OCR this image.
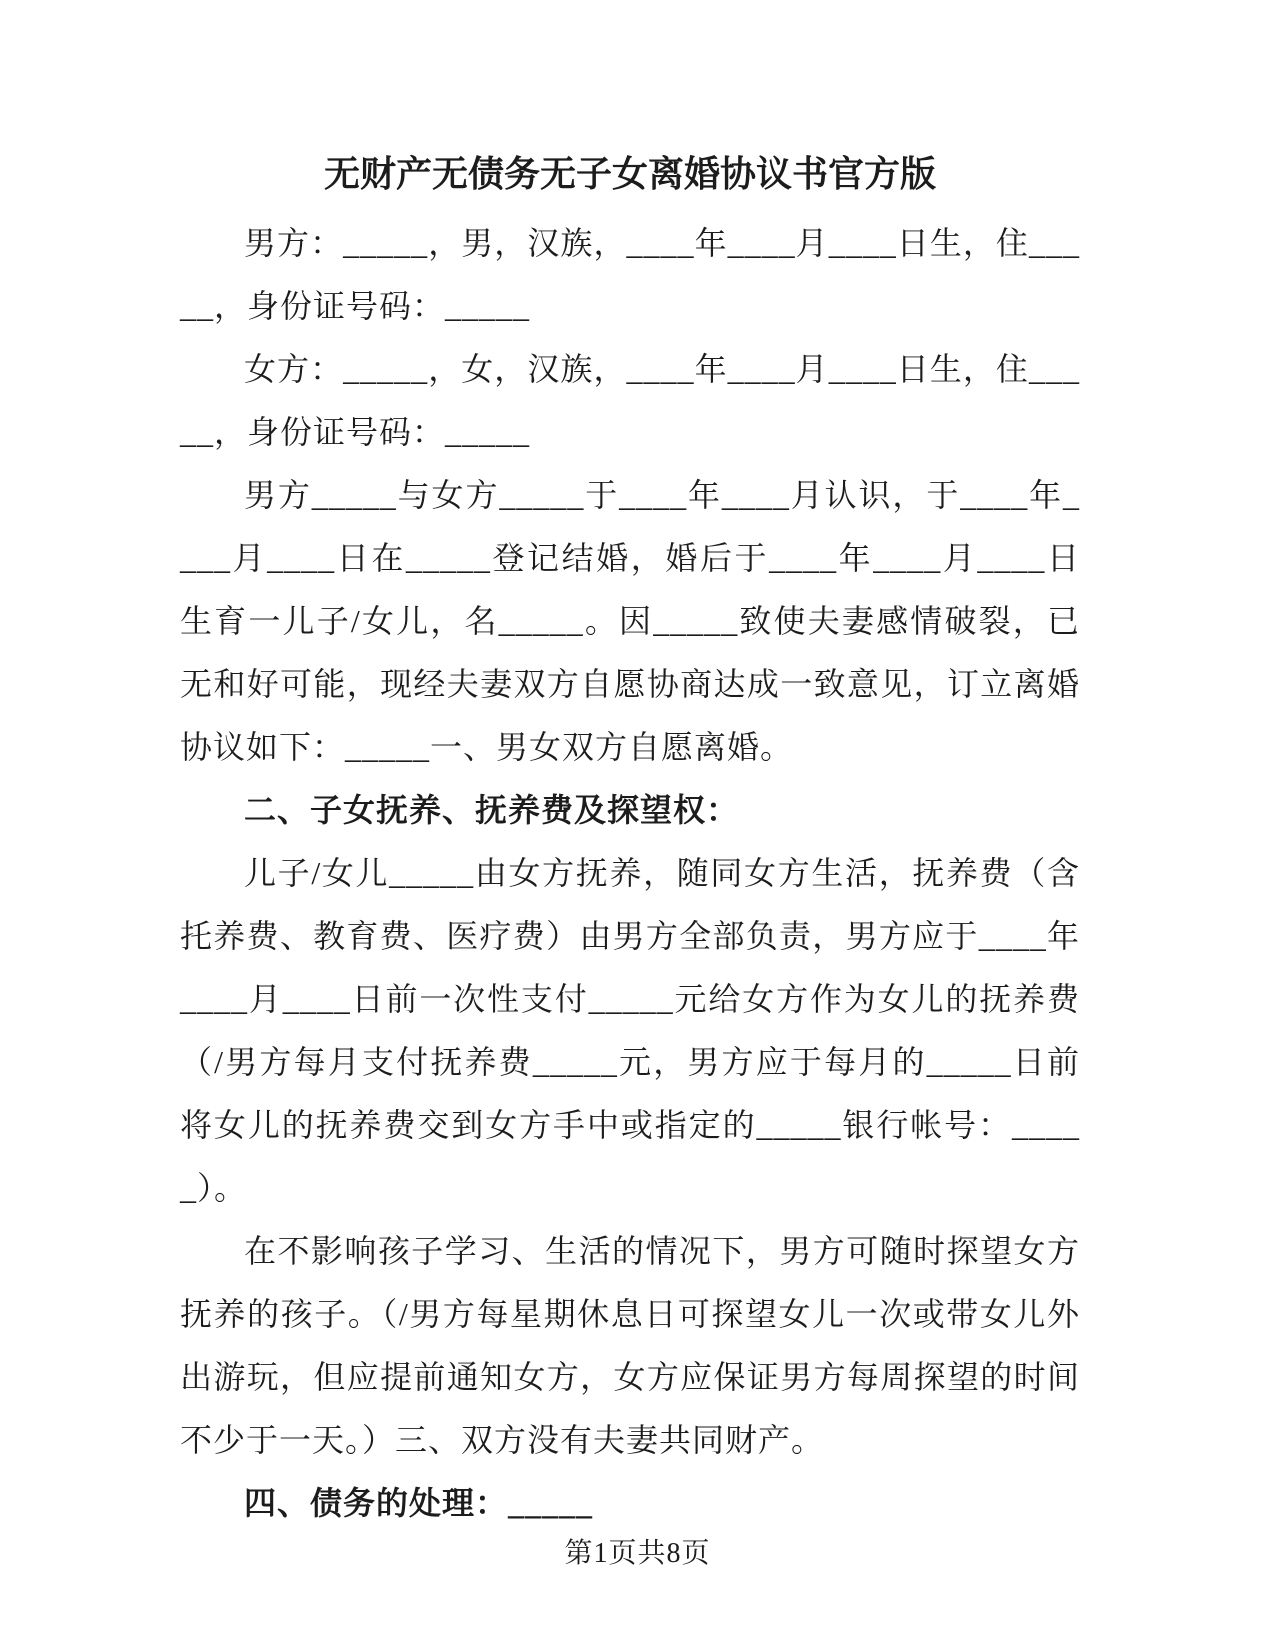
无财产无债务无子女离婚协议书官方版

男方：_____，男，汉族，____年____月____日生，住_____，身份证号码：_____

女方：_____，女，汉族，____年____月____日生，住_____，身份证号码：_____

男方_____与女方_____于____年____月认识，于____年____月____日在_____登记结婚，婚后于____年____月____日生育一儿子/女儿，名_____。因_____致使夫妻感情破裂，已无和好可能，现经夫妻双方自愿协商达成一致意见，订立离婚协议如下：_____一、男女双方自愿离婚。

二、子女抚养、抚养费及探望权：

儿子/女儿_____由女方抚养，随同女方生活，抚养费（含托养费、教育费、医疗费）由男方全部负责，男方应于____年____月____日前一次性支付_____元给女方作为女儿的抚养费（/男方每月支付抚养费_____元，男方应于每月的_____日前将女儿的抚养费交到女方手中或指定的_____银行帐号：_____）。

在不影响孩子学习、生活的情况下，男方可随时探望女方抚养的孩子。（/男方每星期休息日可探望女儿一次或带女儿外出游玩，但应提前通知女方，女方应保证男方每周探望的时间不少于一天。）三、双方没有夫妻共同财产。

四、债务的处理：_____

第1页共8页
